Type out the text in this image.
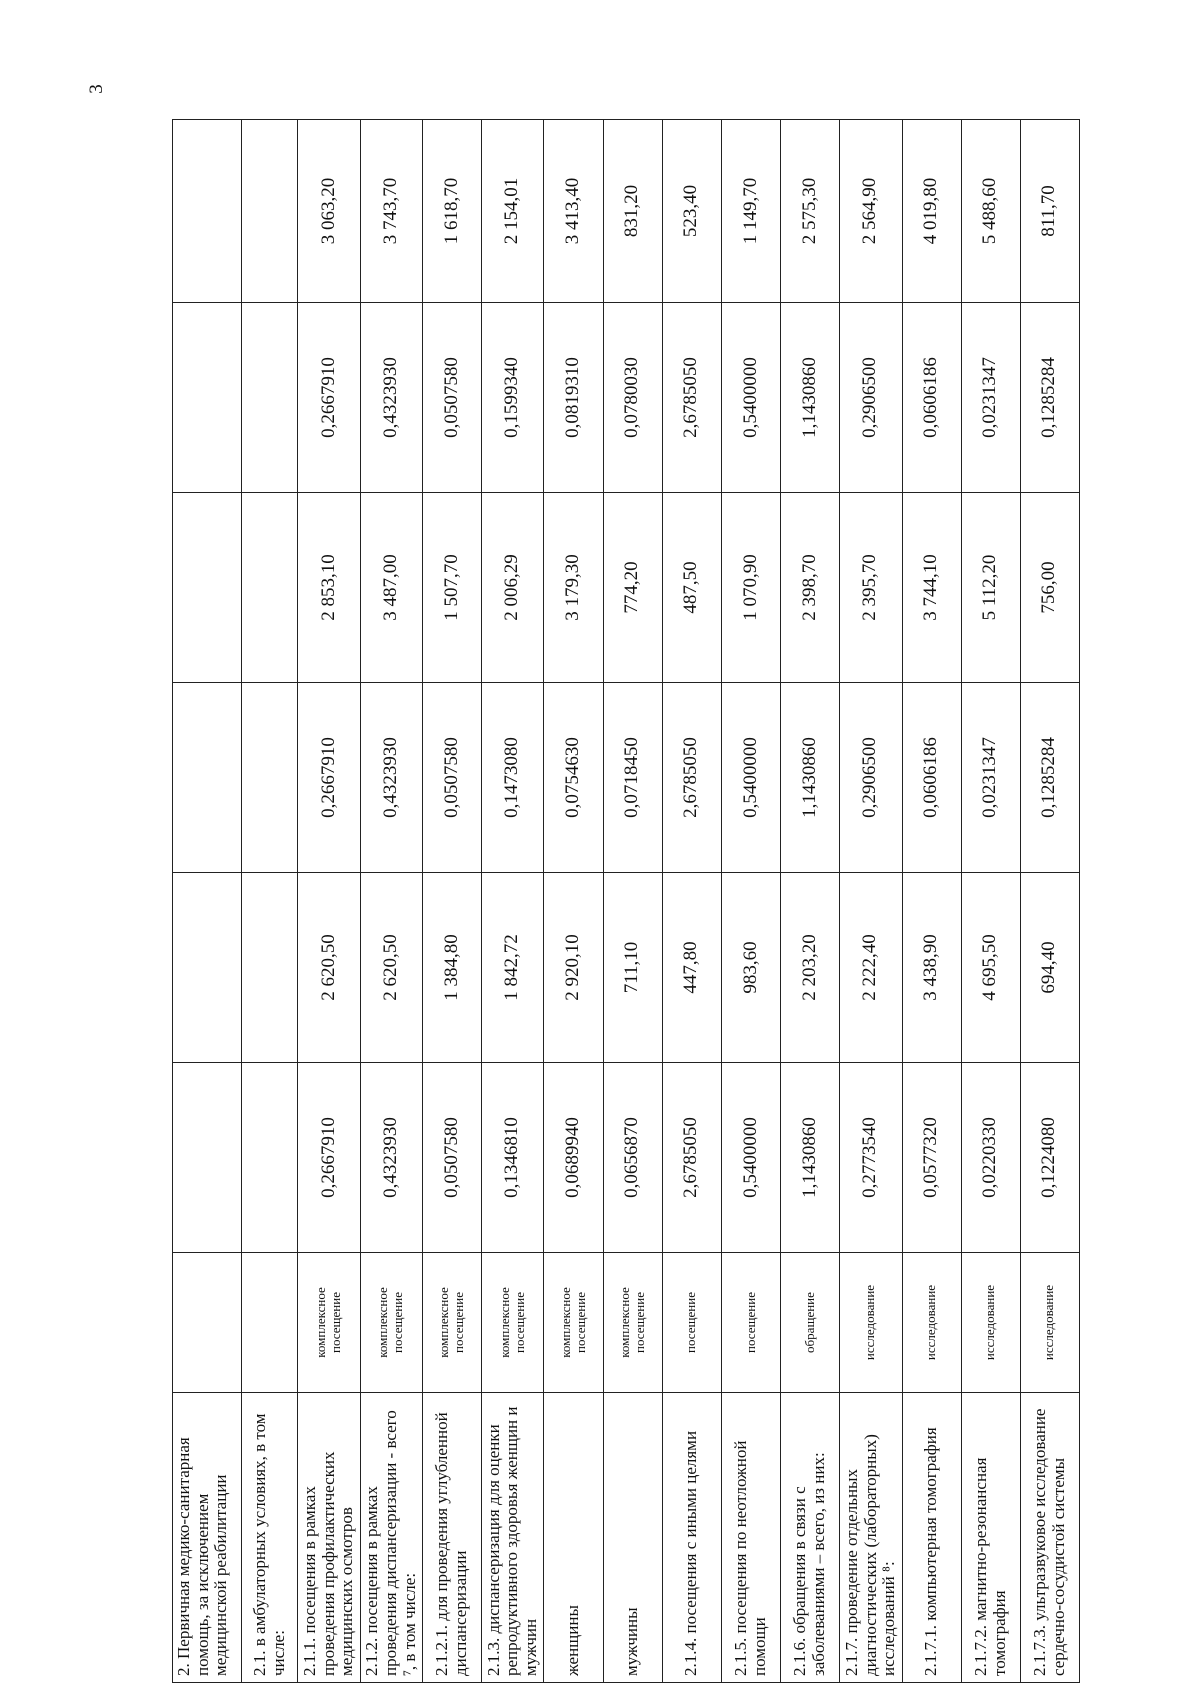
3
2. Первичная медико-санитарная помощь, за исключением медицинской реабилитации							
2.1. в амбулаторных условиях, в том числе:							
2.1.1. посещения в рамках проведения профилактических медицинских осмотров	комплексное посещение	0,2667910	2 620,50	0,2667910	2 853,10	0,2667910	3 063,20
2.1.2. посещения в рамках проведения диспансеризации - всего ⁷, в том числе:	комплексное посещение	0,4323930	2 620,50	0,4323930	3 487,00	0,4323930	3 743,70
2.1.2.1. для проведения углубленной диспансеризации	комплексное посещение	0,0507580	1 384,80	0,0507580	1 507,70	0,0507580	1 618,70
2.1.3. диспансеризация для оценки репродуктивного здоровья женщин и мужчин	комплексное посещение	0,1346810	1 842,72	0,1473080	2 006,29	0,1599340	2 154,01
женщины	комплексное посещение	0,0689940	2 920,10	0,0754630	3 179,30	0,0819310	3 413,40
мужчины	комплексное посещение	0,0656870	711,10	0,0718450	774,20	0,0780030	831,20
2.1.4. посещения с иными целями	посещение	2,6785050	447,80	2,6785050	487,50	2,6785050	523,40
2.1.5. посещения по неотложной помощи	посещение	0,5400000	983,60	0,5400000	1 070,90	0,5400000	1 149,70
2.1.6. обращения в связи с заболеваниями – всего, из них:	обращение	1,1430860	2 203,20	1,1430860	2 398,70	1,1430860	2 575,30
2.1.7. проведение отдельных диагностических (лабораторных) исследований ⁸:	исследование	0,2773540	2 222,40	0,2906500	2 395,70	0,2906500	2 564,90
2.1.7.1. компьютерная томография	исследование	0,0577320	3 438,90	0,0606186	3 744,10	0,0606186	4 019,80
2.1.7.2. магнитно-резонансная томография	исследование	0,0220330	4 695,50	0,0231347	5 112,20	0,0231347	5 488,60
2.1.7.3. ультразвуковое исследование сердечно-сосудистой системы	исследование	0,1224080	694,40	0,1285284	756,00	0,1285284	811,70
